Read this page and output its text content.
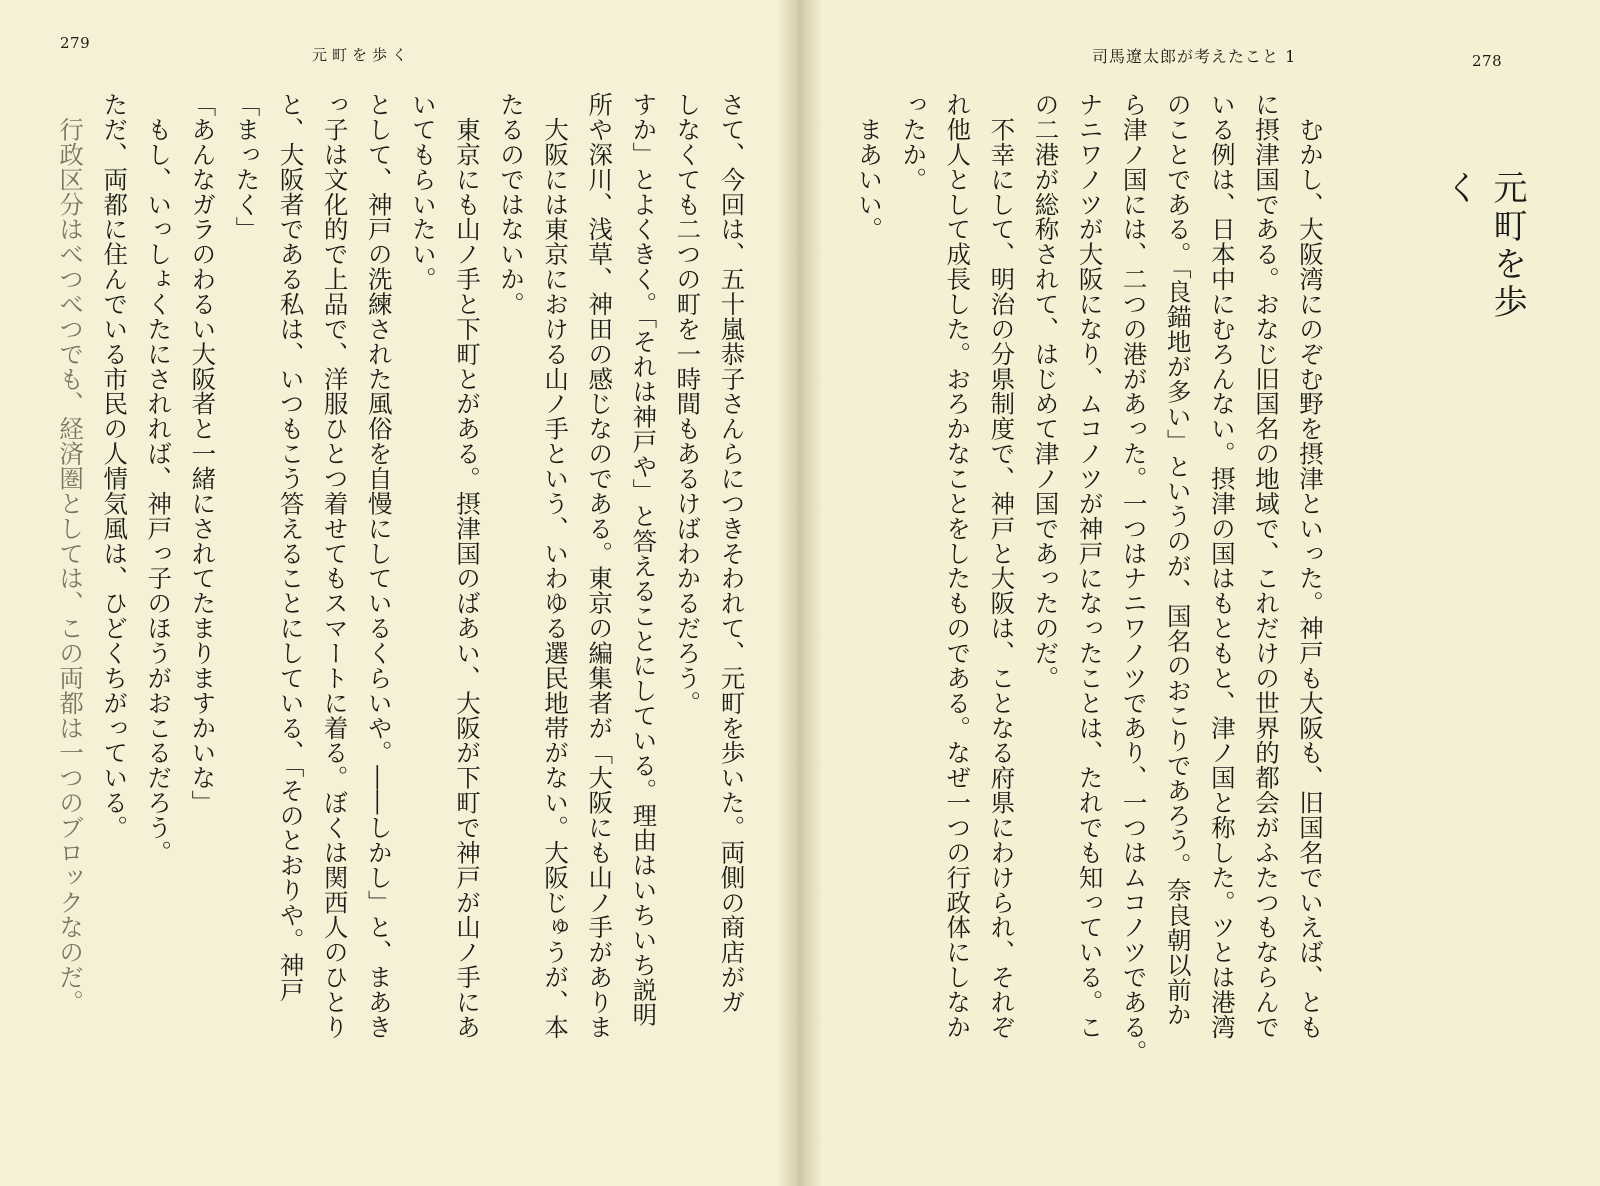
279
元町を歩く
さて、今回は、五十嵐恭子さんらにつきそわれて、元町を歩いた。両側の商店がガ
しなくても二つの町を一時間もあるけばわかるだろう。
すか」とよくきく。「それは神戸や」と答えることにしている。理由はいちいち説明
所や深川、浅草、神田の感じなのである。東京の編集者が「大阪にも山ノ手がありま
　大阪には東京における山ノ手という、いわゆる選民地帯がない。大阪じゅうが、本
たるのではないか。
　東京にも山ノ手と下町とがある。摂津国のばあい、大阪が下町で神戸が山ノ手にあ
いてもらいたい。
として、神戸の洗練された風俗を自慢にしているくらいや。――しかし」と、まあき
っ子は文化的で上品で、洋服ひとつ着せてもスマートに着る。ぼくは関西人のひとり
と、大阪者である私は、いつもこう答えることにしている、「そのとおりや。神戸
「まったく」
「あんなガラのわるい大阪者と一緒にされてたまりますかいな」
　もし、いっしょくたにされれば、神戸っ子のほうがおこるだろう。
ただ、両都に住んでいる市民の人情気風は、ひどくちがっている。
　行政区分はべつべつでも、経済圏としては、この両都は一つのブロックなのだ。
司馬遼太郎が考えたこと 1	278
元町を歩く
　むかし、大阪湾にのぞむ野を摂津といった。神戸も大阪も、旧国名でいえば、とも
に摂津国である。おなじ旧国名の地域で、これだけの世界的都会がふたつもならんで
いる例は、日本中にむろんない。摂津の国はもともと、津ノ国と称した。ツとは港湾
のことである。「良錨地が多い」というのが、国名のおこりであろう。奈良朝以前か
ら津ノ国には、二つの港があった。一つはナニワノツであり、一つはムコノツである。
ナニワノツが大阪になり、ムコノツが神戸になったことは、たれでも知っている。こ
の二港が総称されて、はじめて津ノ国であったのだ。
　不幸にして、明治の分県制度で、神戸と大阪は、ことなる府県にわけられ、それぞ
れ他人として成長した。おろかなことをしたものである。なぜ一つの行政体にしなか
ったか。
　まあいい。
